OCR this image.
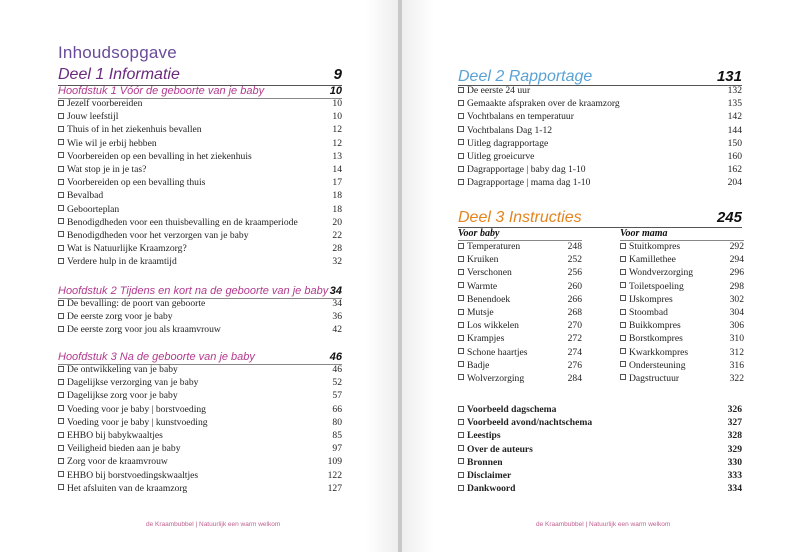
Inhoudsopgave
Deel 1 Informatie	9
Hoofdstuk 1 Vóór de geboorte van je baby	10
Jezelf voorbereiden	10
Jouw leefstijl	10
Thuis of in het ziekenhuis bevallen	12
Wie wil je erbij hebben	12
Voorbereiden op een bevalling in het ziekenhuis	13
Wat stop je in je tas?	14
Voorbereiden op een bevalling thuis	17
Bevalbad	18
Geboorteplan	18
Benodigdheden voor een thuisbevalling en de kraamperiode	20
Benodigdheden voor het verzorgen van je baby	22
Wat is Natuurlijke Kraamzorg?	28
Verdere hulp in de kraamtijd	32
Hoofdstuk 2 Tijdens en kort na de geboorte van je baby 34
De bevalling: de poort van geboorte	34
De eerste zorg voor je baby	36
De eerste zorg voor jou als kraamvrouw	42
Hoofdstuk 3 Na de geboorte van je baby	46
De ontwikkeling van je baby	46
Dagelijkse verzorging van je baby	52
Dagelijkse zorg voor je baby	57
Voeding voor je baby | borstvoeding	66
Voeding voor je baby | kunstvoeding	80
EHBO bij babykwaaltjes	85
Veiligheid bieden aan je baby	97
Zorg voor de kraamvrouw	109
EHBO bij borstvoedingskwaaltjes	122
Het afsluiten van de kraamzorg	127
de Kraambubbel | Natuurlijk een warm welkom
Deel 2 Rapportage	131
De eerste 24 uur	132
Gemaakte afspraken over de kraamzorg	135
Vochtbalans en temperatuur	142
Vochtbalans Dag 1-12	144
Uitleg dagrapportage	150
Uitleg groeicurve	160
Dagrapportage | baby dag 1-10	162
Dagrapportage | mama dag 1-10	204
Deel 3 Instructies	245
Voor baby
Temperaturen	248
Kruiken	252
Verschonen	256
Warmte	260
Benendoek	266
Mutsje	268
Los wikkelen	270
Krampjes	272
Schone haartjes	274
Badje	276
Wolverzorging	284
Voor mama
Stuitkompres	292
Kamillethee	294
Wondverzorging	296
Toiletspoeling	298
IJskompres	302
Stoombad	304
Buikkompres	306
Borstkompres	310
Kwarkkompres	312
Ondersteuning	316
Dagstructuur	322
Voorbeeld dagschema	326
Voorbeeld avond/nachtschema	327
Leestips	328
Over de auteurs	329
Bronnen	330
Disclaimer	333
Dankwoord	334
de Kraambubbel | Natuurlijk een warm welkom
